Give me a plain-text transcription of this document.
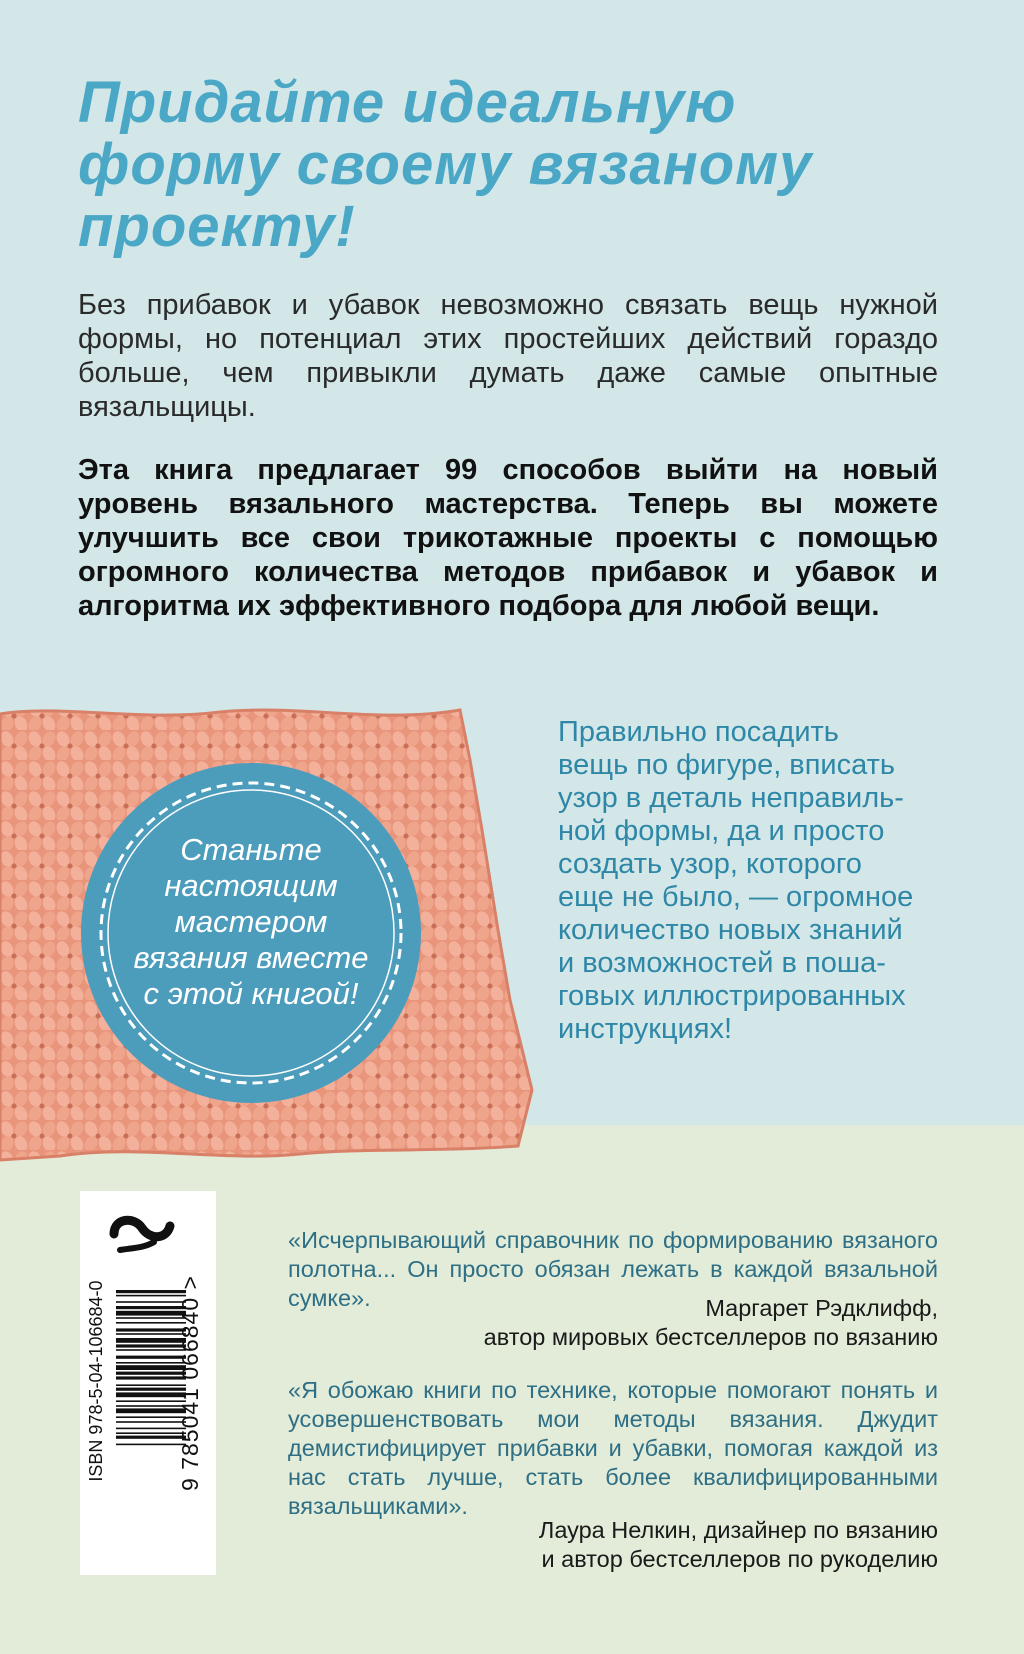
Придайте идеальную
форму своему вязаному
проекту!

Без прибавок и убавок невозможно связать вещь нужной формы, но потенциал этих простейших действий гораздо больше, чем привыкли думать даже самые опытные вязальщицы.

Эта книга предлагает 99 способов выйти на новый уровень вязального мастерства. Теперь вы можете улучшить все свои трикотажные проекты с помощью огромного количества методов прибавок и убавок и алгоритма их эффективного подбора для любой вещи.

Станьте
настоящим
мастером
вязания вместе
с этой книгой!
Правильно посадить
вещь по фигуре, вписать
узор в деталь неправиль-
ной формы, да и просто
создать узор, которого
еще не было, — огромное
количество новых знаний
и возможностей в поша-
говых иллюстрированных
инструкциях!
ISBN 978-5-04-106684-0	9 785041 066840 >

«Исчерпывающий справочник по формированию вязаного полотна... Он просто обязан лежать в каждой вязальной сумке».	Маргарет Рэдклифф,
автор мировых бестселлеров по вязанию

«Я обожаю книги по технике, которые помогают понять и усовершенствовать мои методы вязания. Джудит демистифицирует прибавки и убавки, помогая каждой из нас стать лучше, стать более квалифицированными вязальщиками».

Лаура Нелкин, дизайнер по вязанию
и автор бестселлеров по рукоделию
